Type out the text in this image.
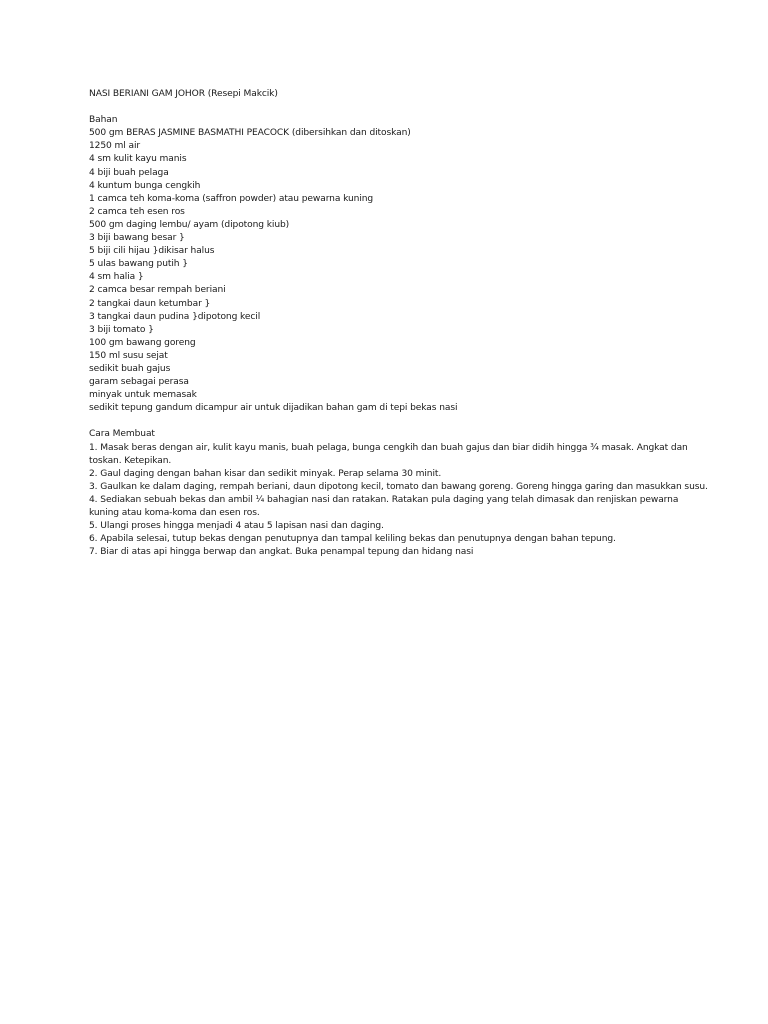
NASI BERIANI GAM JOHOR (Resepi Makcik)
Bahan
500 gm BERAS JASMINE BASMATHI PEACOCK (dibersihkan dan ditoskan)
1250 ml air
4 sm kulit kayu manis
4 biji buah pelaga
4 kuntum bunga cengkih
1 camca teh koma-koma (saffron powder) atau pewarna kuning
2 camca teh esen ros
500 gm daging lembu/ ayam (dipotong kiub)
3 biji bawang besar }
5 biji cili hijau }dikisar halus
5 ulas bawang putih }
4 sm halia }
2 camca besar rempah beriani
2 tangkai daun ketumbar }
3 tangkai daun pudina }dipotong kecil
3 biji tomato }
100 gm bawang goreng
150 ml susu sejat
sedikit buah gajus
garam sebagai perasa
minyak untuk memasak
sedikit tepung gandum dicampur air untuk dijadikan bahan gam di tepi bekas nasi
Cara Membuat
1. Masak beras dengan air, kulit kayu manis, buah pelaga, bunga cengkih dan buah gajus dan biar didih hingga ¾ masak. Angkat dan toskan. Ketepikan.
2. Gaul daging dengan bahan kisar dan sedikit minyak. Perap selama 30 minit.
3. Gaulkan ke dalam daging, rempah beriani, daun dipotong kecil, tomato dan bawang goreng. Goreng hingga garing dan masukkan susu.
4. Sediakan sebuah bekas dan ambil ¼ bahagian nasi dan ratakan. Ratakan pula daging yang telah dimasak dan renjiskan pewarna kuning atau koma-koma dan esen ros.
5. Ulangi proses hingga menjadi 4 atau 5 lapisan nasi dan daging.
6. Apabila selesai, tutup bekas dengan penutupnya dan tampal keliling bekas dan penutupnya dengan bahan tepung.
7. Biar di atas api hingga berwap dan angkat. Buka penampal tepung dan hidang nasi
